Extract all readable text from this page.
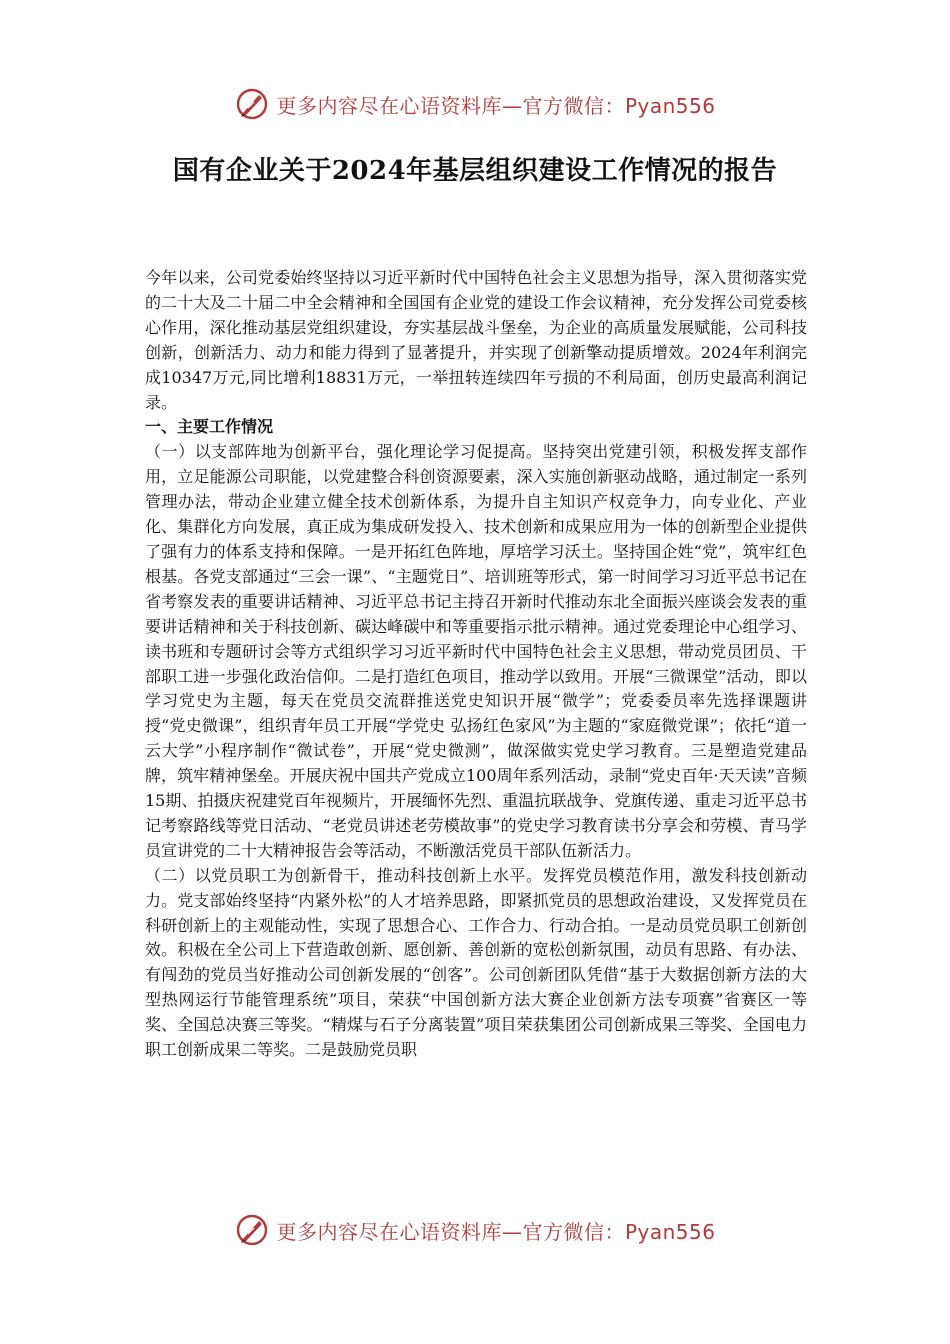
更多内容尽在心语资料库—官方微信：Pyan556
国有企业关于2024年基层组织建设工作情况的报告

今年以来，公司党委始终坚持以习近平新时代中国特色社会主义思想为指导，深入贯彻落实党的二十大及二十届二中全会精神和全国国有企业党的建设工作会议精神，充分发挥公司党委核心作用，深化推动基层党组织建设，夯实基层战斗堡垒，为企业的高质量发展赋能，公司科技创新，创新活力、动力和能力得到了显著提升，并实现了创新擎动提质增效。2024年利润完成10347万元,同比增利18831万元，一举扭转连续四年亏损的不利局面，创历史最高利润记录。

一、主要工作情况

（一）以支部阵地为创新平台，强化理论学习促提高。坚持突出党建引领，积极发挥支部作用，立足能源公司职能，以党建整合科创资源要素，深入实施创新驱动战略，通过制定一系列管理办法，带动企业建立健全技术创新体系，为提升自主知识产权竞争力，向专业化、产业化、集群化方向发展，真正成为集成研发投入、技术创新和成果应用为一体的创新型企业提供了强有力的体系支持和保障。一是开拓红色阵地，厚培学习沃土。坚持国企姓“党”，筑牢红色根基。各党支部通过“三会一课”、“主题党日”、培训班等形式，第一时间学习习近平总书记在省考察发表的重要讲话精神、习近平总书记主持召开新时代推动东北全面振兴座谈会发表的重要讲话精神和关于科技创新、碳达峰碳中和等重要指示批示精神。通过党委理论中心组学习、读书班和专题研讨会等方式组织学习习近平新时代中国特色社会主义思想，带动党员团员、干部职工进一步强化政治信仰。二是打造红色项目，推动学以致用。开展“三微课堂”活动，即以学习党史为主题，每天在党员交流群推送党史知识开展“微学”；党委委员率先选择课题讲授“党史微课”，组织青年员工开展“学党史 弘扬红色家风”为主题的“家庭微党课”；依托“道一云大学”小程序制作“微试卷”，开展“党史微测”，做深做实党史学习教育。三是塑造党建品牌，筑牢精神堡垒。开展庆祝中国共产党成立100周年系列活动，录制“党史百年·天天读”音频15期、拍摄庆祝建党百年视频片，开展缅怀先烈、重温抗联战争、党旗传递、重走习近平总书记考察路线等党日活动、“老党员讲述老劳模故事”的党史学习教育读书分享会和劳模、青马学员宣讲党的二十大精神报告会等活动，不断激活党员干部队伍新活力。

（二）以党员职工为创新骨干，推动科技创新上水平。发挥党员模范作用，激发科技创新动力。党支部始终坚持“内紧外松”的人才培养思路，即紧抓党员的思想政治建设，又发挥党员在科研创新上的主观能动性，实现了思想合心、工作合力、行动合拍。一是动员党员职工创新创效。积极在全公司上下营造敢创新、愿创新、善创新的宽松创新氛围，动员有思路、有办法、有闯劲的党员当好推动公司创新发展的“创客”。公司创新团队凭借“基于大数据创新方法的大型热网运行节能管理系统”项目，荣获“中国创新方法大赛企业创新方法专项赛”省赛区一等奖、全国总决赛三等奖。“精煤与石子分离装置”项目荣获集团公司创新成果三等奖、全国电力职工创新成果二等奖。二是鼓励党员职

更多内容尽在心语资料库—官方微信：Pyan556
